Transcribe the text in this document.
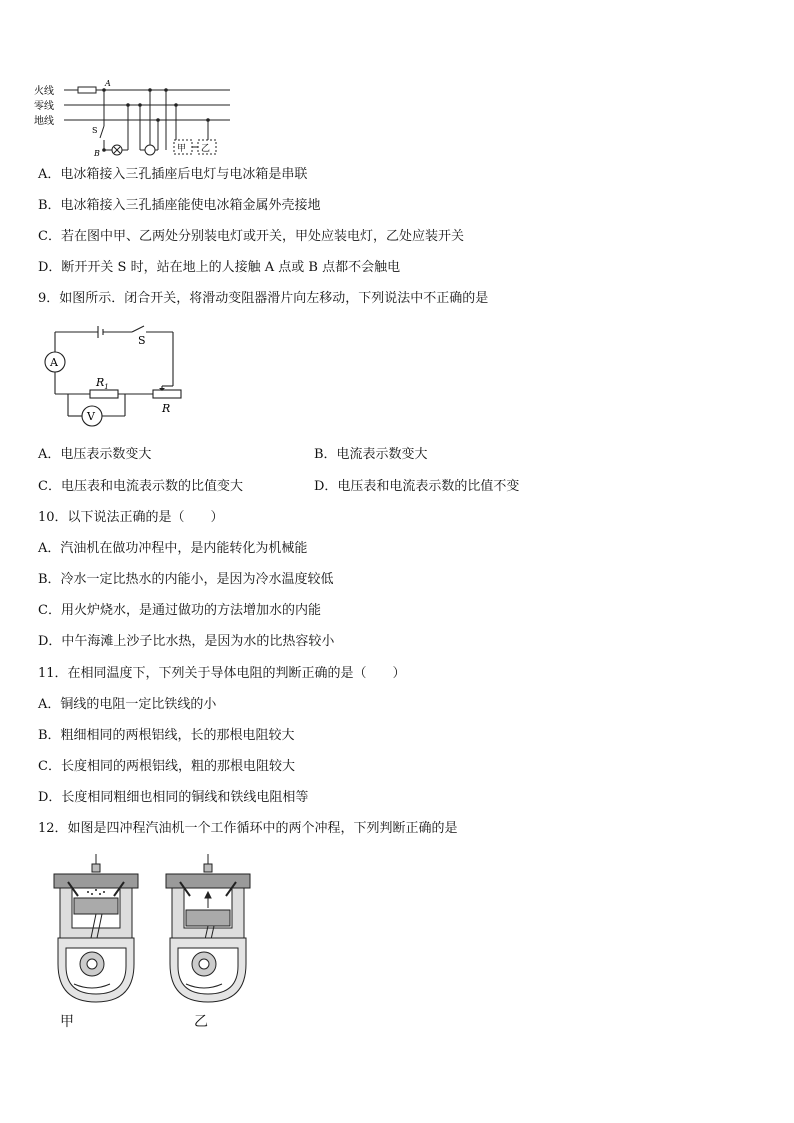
火线
零线
地线
A
B
S
甲 乙
A．电冰箱接入三孔插座后电灯与电冰箱是串联
B．电冰箱接入三孔插座能使电冰箱金属外壳接地
C．若在图中甲、乙两处分别装电灯或开关，甲处应装电灯，乙处应装开关
D．断开开关 S 时，站在地上的人接触 A 点或 B 点都不会触电
9．如图所示．闭合开关，将滑动变阻器滑片向左移动，下列说法中不正确的是
A
V
S
$R_1$
R
A．电压表示数变大	B．电流表示数变大
C．电压表和电流表示数的比值变大	D．电压表和电流表示数的比值不变
10．以下说法正确的是（　　）
A．汽油机在做功冲程中，是内能转化为机械能
B．冷水一定比热水的内能小，是因为冷水温度较低
C．用火炉烧水，是通过做功的方法增加水的内能
D．中午海滩上沙子比水热，是因为水的比热容较小
11．在相同温度下，下列关于导体电阻的判断正确的是（　　）
A．铜线的电阻一定比铁线的小
B．粗细相同的两根铝线，长的那根电阻较大
C．长度相同的两根铝线，粗的那根电阻较大
D．长度相同粗细也相同的铜线和铁线电阻相等
12．如图是四冲程汽油机一个工作循环中的两个冲程，下列判断正确的是
甲	乙
